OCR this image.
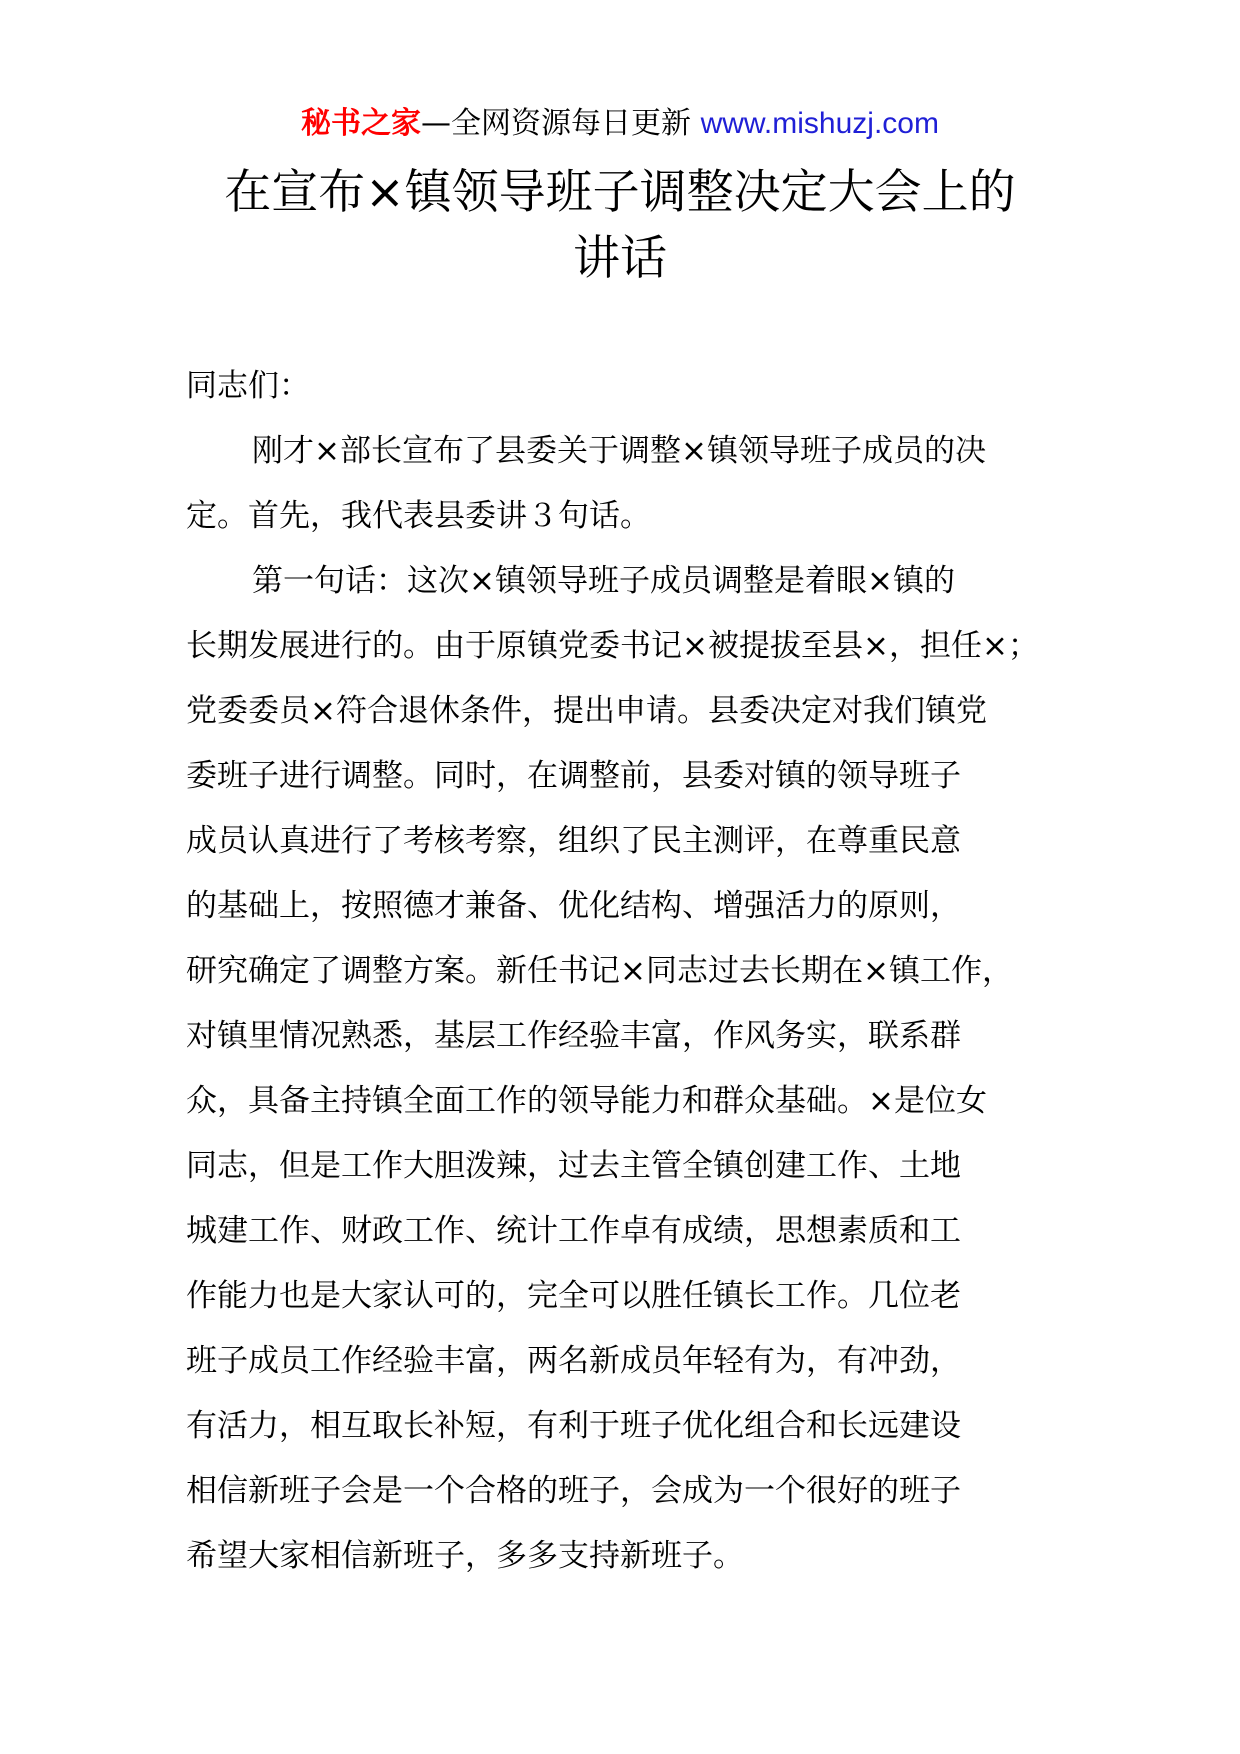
秘书之家—全网资源每日更新 www.mishuzj.com
在宣布×镇领导班子调整决定大会上的
讲话

同志们：

刚才×部长宣布了县委关于调整×镇领导班子成员的决
定。首先，我代表县委讲３句话。

第一句话：这次×镇领导班子成员调整是着眼×镇的
长期发展进行的。由于原镇党委书记×被提拔至县×，担任×；
党委委员×符合退休条件，提出申请。县委决定对我们镇党
委班子进行调整。同时，在调整前，县委对镇的领导班子
成员认真进行了考核考察，组织了民主测评，在尊重民意
的基础上，按照德才兼备、优化结构、增强活力的原则，
研究确定了调整方案。新任书记×同志过去长期在×镇工作，
对镇里情况熟悉，基层工作经验丰富，作风务实，联系群
众，具备主持镇全面工作的领导能力和群众基础。×是位女
同志，但是工作大胆泼辣，过去主管全镇创建工作、土地
城建工作、财政工作、统计工作卓有成绩，思想素质和工
作能力也是大家认可的，完全可以胜任镇长工作。几位老
班子成员工作经验丰富，两名新成员年轻有为，有冲劲，
有活力，相互取长补短，有利于班子优化组合和长远建设
相信新班子会是一个合格的班子，会成为一个很好的班子
希望大家相信新班子，多多支持新班子。
